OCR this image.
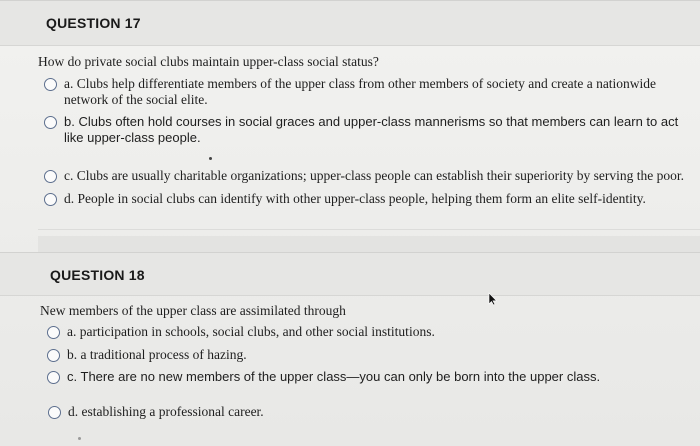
QUESTION 17
How do private social clubs maintain upper-class social status?
a. Clubs help differentiate members of the upper class from other members of society and create a nationwide network of the social elite.
b. Clubs often hold courses in social graces and upper-class mannerisms so that members can learn to act like upper-class people.
c. Clubs are usually charitable organizations; upper-class people can establish their superiority by serving the poor.
d. People in social clubs can identify with other upper-class people, helping them form an elite self-identity.
QUESTION 18
New members of the upper class are assimilated through
a. participation in schools, social clubs, and other social institutions.
b. a traditional process of hazing.
c. There are no new members of the upper class—you can only be born into the upper class.
d. establishing a professional career.
